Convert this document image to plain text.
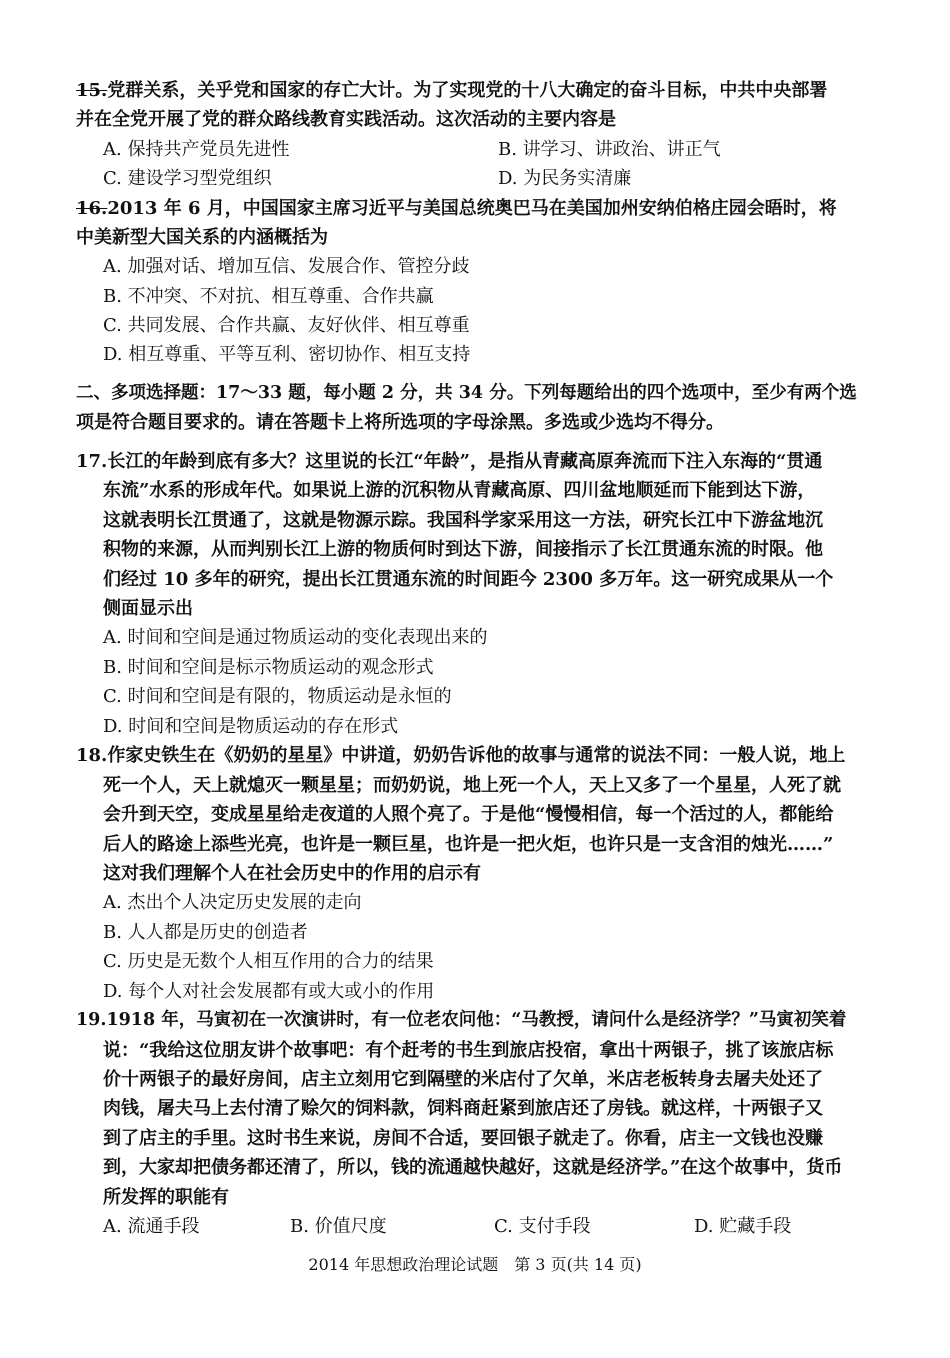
15.党群关系，关乎党和国家的存亡大计。为了实现党的十八大确定的奋斗目标，中共中央部署
并在全党开展了党的群众路线教育实践活动。这次活动的主要内容是
A. 保持共产党员先进性	B. 讲学习、讲政治、讲正气
C. 建设学习型党组织	D. 为民务实清廉
16.2013 年 6 月，中国国家主席习近平与美国总统奥巴马在美国加州安纳伯格庄园会晤时，将
中美新型大国关系的内涵概括为
A. 加强对话、增加互信、发展合作、管控分歧
B. 不冲突、不对抗、相互尊重、合作共赢
C. 共同发展、合作共赢、友好伙伴、相互尊重
D. 相互尊重、平等互利、密切协作、相互支持
二、多项选择题：17～33 题，每小题 2 分，共 34 分。下列每题给出的四个选项中，至少有两个选
项是符合题目要求的。请在答题卡上将所选项的字母涂黑。多选或少选均不得分。
17.长江的年龄到底有多大？这里说的长江“年龄”，是指从青藏高原奔流而下注入东海的“贯通
东流”水系的形成年代。如果说上游的沉积物从青藏高原、四川盆地顺延而下能到达下游，
这就表明长江贯通了，这就是物源示踪。我国科学家采用这一方法，研究长江中下游盆地沉
积物的来源，从而判别长江上游的物质何时到达下游，间接指示了长江贯通东流的时限。他
们经过 10 多年的研究，提出长江贯通东流的时间距今 2300 多万年。这一研究成果从一个
侧面显示出
A. 时间和空间是通过物质运动的变化表现出来的
B. 时间和空间是标示物质运动的观念形式
C. 时间和空间是有限的，物质运动是永恒的
D. 时间和空间是物质运动的存在形式
18.作家史铁生在《奶奶的星星》中讲道，奶奶告诉他的故事与通常的说法不同：一般人说，地上
死一个人，天上就熄灭一颗星星；而奶奶说，地上死一个人，天上又多了一个星星，人死了就
会升到天空，变成星星给走夜道的人照个亮了。于是他“慢慢相信，每一个活过的人，都能给
后人的路途上添些光亮，也许是一颗巨星，也许是一把火炬，也许只是一支含泪的烛光……”
这对我们理解个人在社会历史中的作用的启示有
A. 杰出个人决定历史发展的走向
B. 人人都是历史的创造者
C. 历史是无数个人相互作用的合力的结果
D. 每个人对社会发展都有或大或小的作用
19.1918 年，马寅初在一次演讲时，有一位老农问他：“马教授，请问什么是经济学？”马寅初笑着
说：“我给这位朋友讲个故事吧：有个赶考的书生到旅店投宿，拿出十两银子，挑了该旅店标
价十两银子的最好房间，店主立刻用它到隔壁的米店付了欠单，米店老板转身去屠夫处还了
肉钱，屠夫马上去付清了赊欠的饲料款，饲料商赶紧到旅店还了房钱。就这样，十两银子又
到了店主的手里。这时书生来说，房间不合适，要回银子就走了。你看，店主一文钱也没赚
到，大家却把债务都还清了，所以，钱的流通越快越好，这就是经济学。”在这个故事中，货币
所发挥的职能有
A. 流通手段	B. 价值尺度	C. 支付手段	D. 贮藏手段
2014 年思想政治理论试题　第 3 页(共 14 页)
